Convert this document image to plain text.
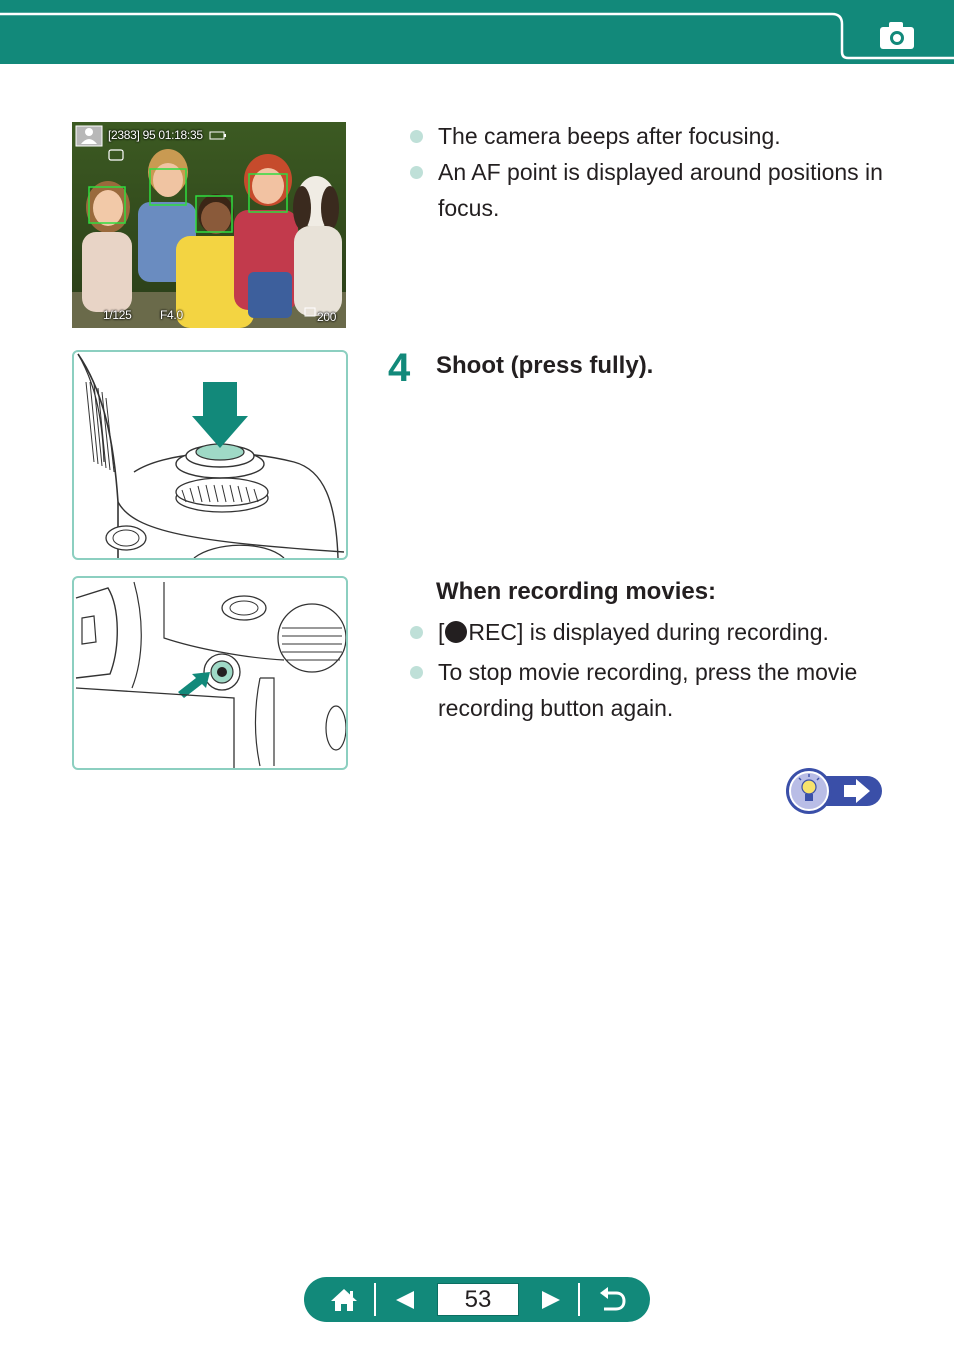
[2383] 95 01:18:35
1/125 F4.0	200
The camera beeps after focusing.
An AF point is displayed around positions in focus.
4 Shoot (press fully).
When recording movies:
[ REC] is displayed during recording.
To stop movie recording, press the movie recording button again.
53
